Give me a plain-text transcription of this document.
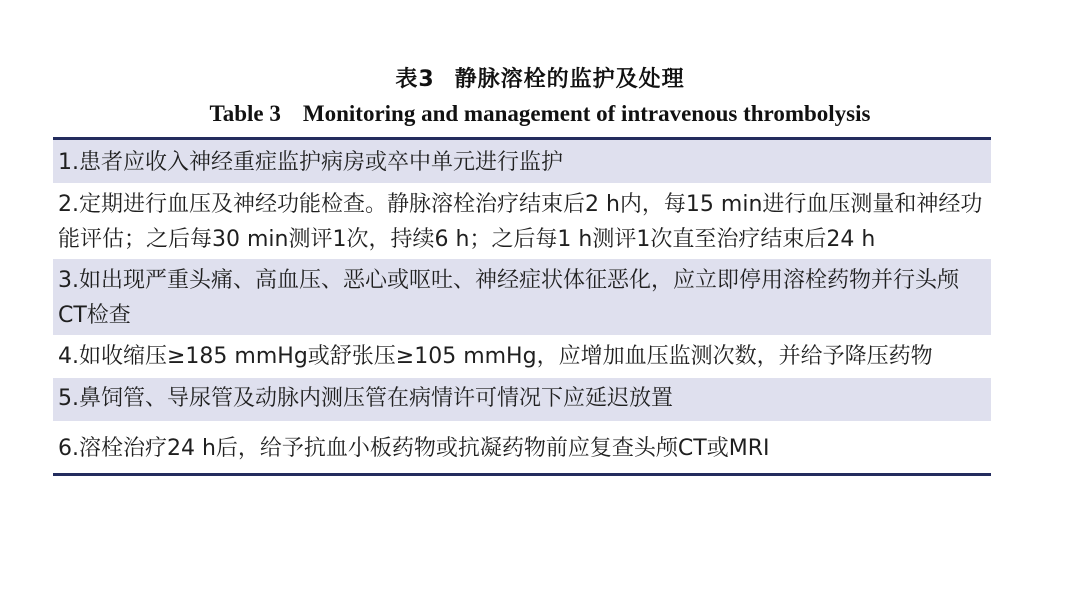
表3 静脉溶栓的监护及处理
Table 3 Monitoring and management of intravenous thrombolysis
1.患者应收入神经重症监护病房或卒中单元进行监护
2.定期进行血压及神经功能检查。静脉溶栓治疗结束后2 h内，每15 min进行血压测量和神经功能评估；之后每30 min测评1次，持续6 h；之后每1 h测评1次直至治疗结束后24 h
3.如出现严重头痛、高血压、恶心或呕吐、神经症状体征恶化，应立即停用溶栓药物并行头颅CT检查
4.如收缩压≥185 mmHg或舒张压≥105 mmHg，应增加血压监测次数，并给予降压药物
5.鼻饲管、导尿管及动脉内测压管在病情许可情况下应延迟放置
6.溶栓治疗24 h后，给予抗血小板药物或抗凝药物前应复查头颅CT或MRI
